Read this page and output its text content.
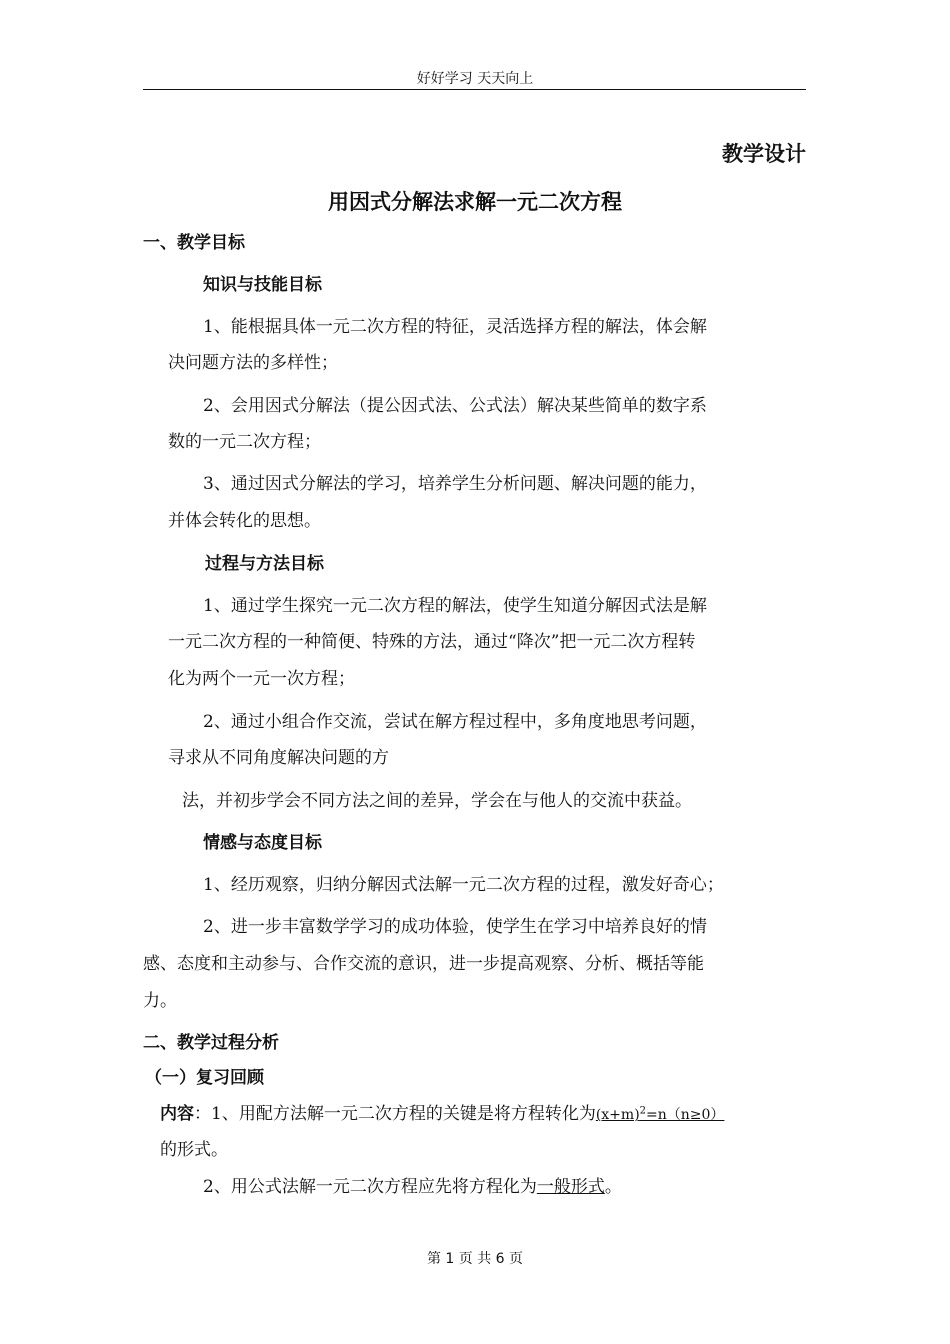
好好学习 天天向上
教学设计
用因式分解法求解一元二次方程
一、教学目标
知识与技能目标
1、能根据具体一元二次方程的特征，灵活选择方程的解法，体会解
决问题方法的多样性；
2、会用因式分解法（提公因式法、公式法）解决某些简单的数字系
数的一元二次方程；
3、通过因式分解法的学习，培养学生分析问题、解决问题的能力，
并体会转化的思想。
过程与方法目标
1、通过学生探究一元二次方程的解法，使学生知道分解因式法是解
一元二次方程的一种简便、特殊的方法，通过“降次”把一元二次方程转
化为两个一元一次方程；
2、通过小组合作交流，尝试在解方程过程中，多角度地思考问题，
寻求从不同角度解决问题的方
法，并初步学会不同方法之间的差异，学会在与他人的交流中获益。
情感与态度目标
1、经历观察，归纳分解因式法解一元二次方程的过程，激发好奇心；
2、进一步丰富数学学习的成功体验，使学生在学习中培养良好的情
感、态度和主动参与、合作交流的意识，进一步提高观察、分析、概括等能
力。
二、教学过程分析
（一）复习回顾
内容：1、用配方法解一元二次方程的关键是将方程转化为$(x+m)^2=n(n\ge 0)$
的形式。
2、用公式法解一元二次方程应先将方程化为一般形式。
第 1 页 共 6 页
